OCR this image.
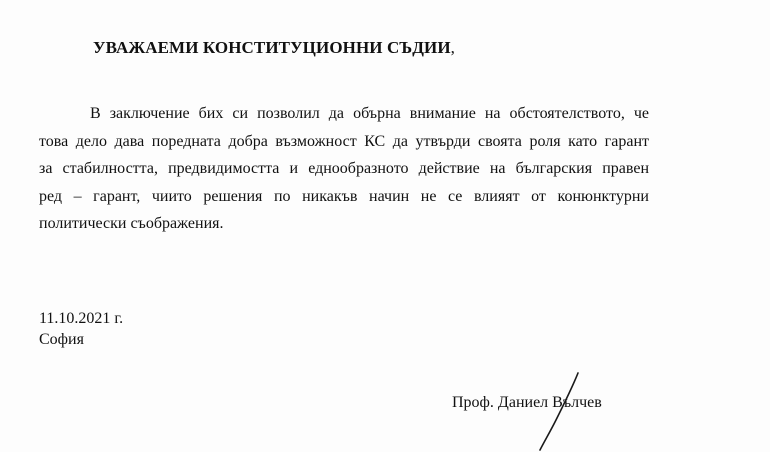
УВАЖАЕМИ КОНСТИТУЦИОННИ СЪДИИ,
В заключение бих си позволил да обърна внимание на обстоятелството, че
това дело дава поредната добра възможност КС да утвърди своята роля като гарант
за стабилността, предвидимостта и еднообразното действие на българския правен
ред – гарант, чиито решения по никакъв начин не се влияят от конюнктурни
политически съображения.
11.10.2021 г.
София
Проф. Даниел Вълчев
